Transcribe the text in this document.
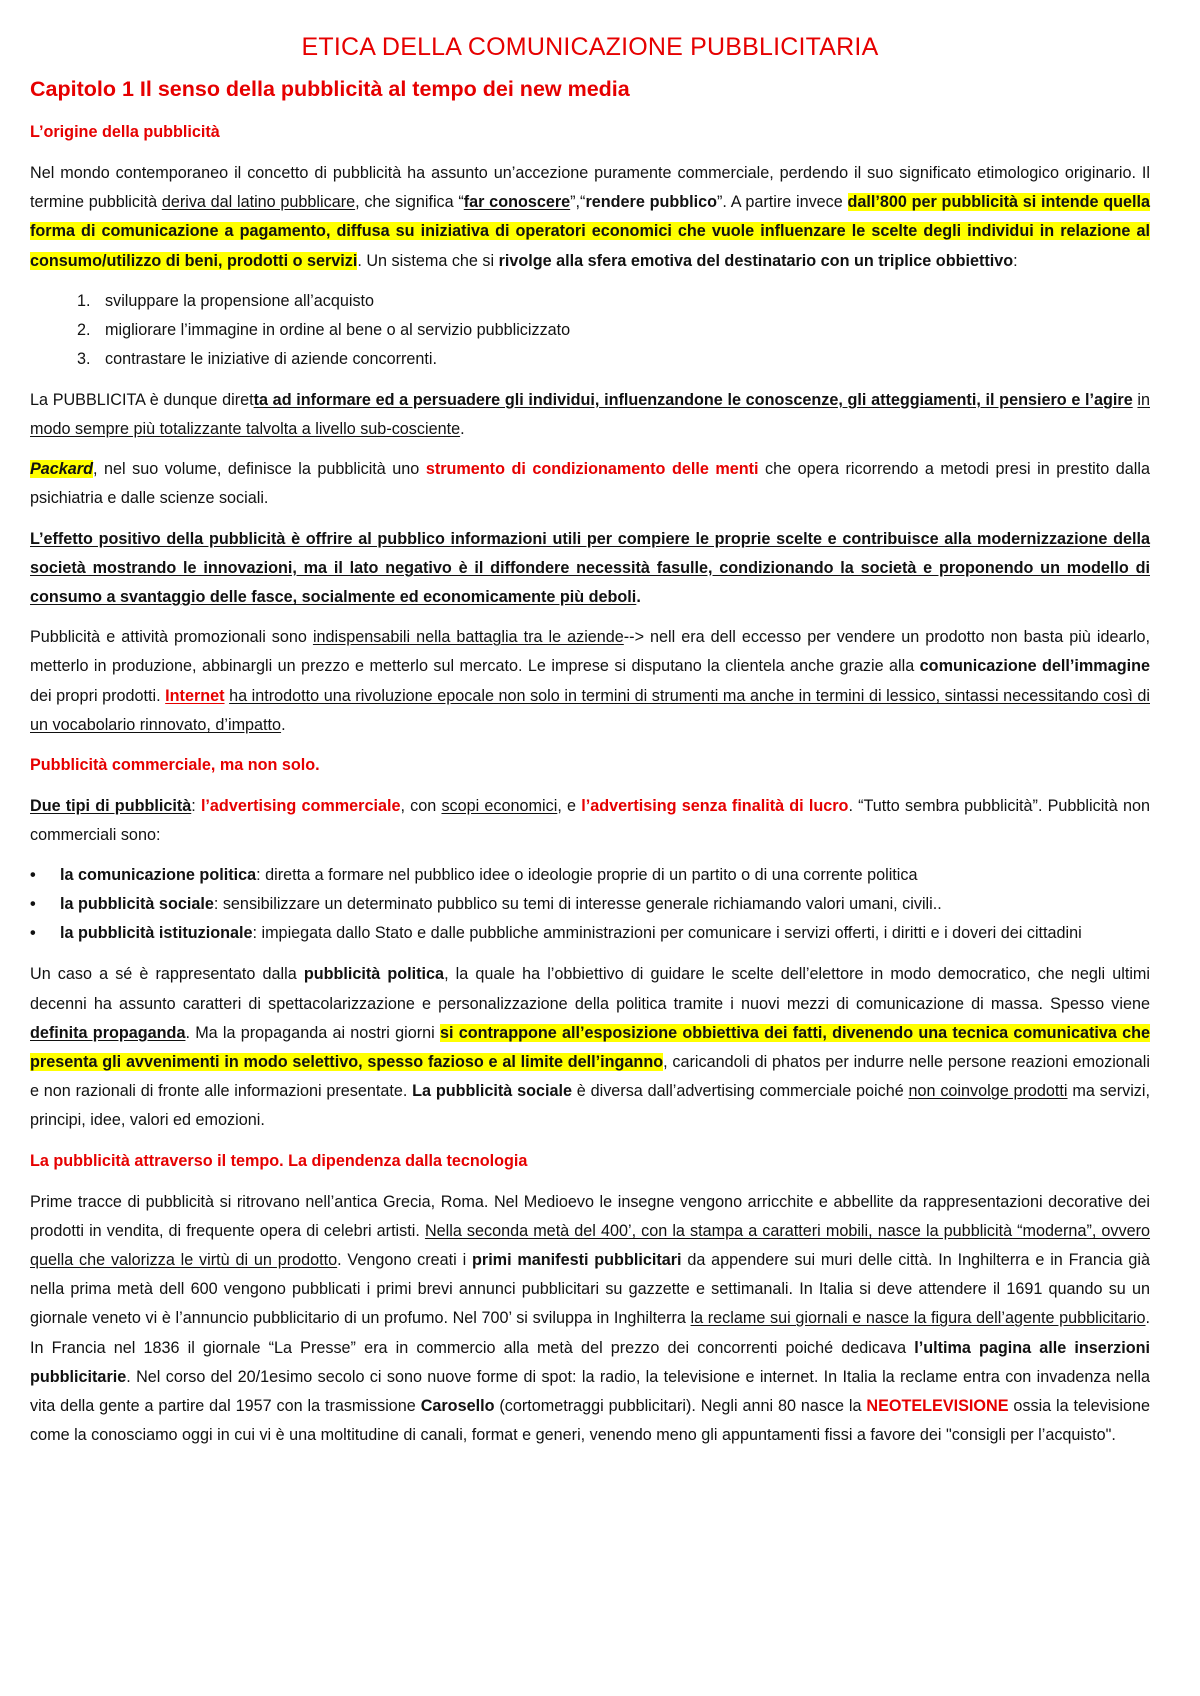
ETICA DELLA COMUNICAZIONE PUBBLICITARIA
Capitolo 1 Il senso della pubblicità al tempo dei new media
L’origine della pubblicità

Nel mondo contemporaneo il concetto di pubblicità ha assunto un’accezione puramente commerciale, perdendo il suo significato etimologico originario. Il termine pubblicità deriva dal latino pubblicare, che significa “far conoscere”,“rendere pubblico”. A partire invece dall’800 per pubblicità si intende quella forma di comunicazione a pagamento, diffusa su iniziativa di operatori economici che vuole influenzare le scelte degli individui in relazione al consumo/utilizzo di beni, prodotti o servizi. Un sistema che si rivolge alla sfera emotiva del destinatario con un triplice obbiettivo:

1. sviluppare la propensione all’acquisto
2. migliorare l’immagine in ordine al bene o al servizio pubblicizzato
3. contrastare le iniziative di aziende concorrenti.

La PUBBLICITA è dunque diretta ad informare ed a persuadere gli individui, influenzandone le conoscenze, gli atteggiamenti, il pensiero e l’agire in modo sempre più totalizzante talvolta a livello sub-cosciente.

Packard, nel suo volume, definisce la pubblicità uno strumento di condizionamento delle menti che opera ricorrendo a metodi presi in prestito dalla psichiatria e dalle scienze sociali.

L’effetto positivo della pubblicità è offrire al pubblico informazioni utili per compiere le proprie scelte e contribuisce alla modernizzazione della società mostrando le innovazioni, ma il lato negativo è il diffondere necessità fasulle, condizionando la società e proponendo un modello di consumo a svantaggio delle fasce, socialmente ed economicamente più deboli.

Pubblicità e attività promozionali sono indispensabili nella battaglia tra le aziende--> nell era dell eccesso per vendere un prodotto non basta più idearlo, metterlo in produzione, abbinargli un prezzo e metterlo sul mercato. Le imprese si disputano la clientela anche grazie alla comunicazione dell’immagine dei propri prodotti. Internet ha introdotto una rivoluzione epocale non solo in termini di strumenti ma anche in termini di lessico, sintassi necessitando così di un vocabolario rinnovato, d’impatto.

Pubblicità commerciale, ma non solo.

Due tipi di pubblicità: l’advertising commerciale, con scopi economici, e l’advertising senza finalità di lucro. “Tutto sembra pubblicità”. Pubblicità non commerciali sono:

• la comunicazione politica: diretta a formare nel pubblico idee o ideologie proprie di un partito o di una corrente politica
• la pubblicità sociale: sensibilizzare un determinato pubblico su temi di interesse generale richiamando valori umani, civili..
• la pubblicità istituzionale: impiegata dallo Stato e dalle pubbliche amministrazioni per comunicare i servizi offerti, i diritti e i doveri dei cittadini

Un caso a sé è rappresentato dalla pubblicità politica, la quale ha l’obbiettivo di guidare le scelte dell’elettore in modo democratico, che negli ultimi decenni ha assunto caratteri di spettacolarizzazione e personalizzazione della politica tramite i nuovi mezzi di comunicazione di massa. Spesso viene definita propaganda. Ma la propaganda ai nostri giorni si contrappone all’esposizione obbiettiva dei fatti, divenendo una tecnica comunicativa che presenta gli avvenimenti in modo selettivo, spesso fazioso e al limite dell’inganno, caricandoli di phatos per indurre nelle persone reazioni emozionali e non razionali di fronte alle informazioni presentate. La pubblicità sociale è diversa dall’advertising commerciale poiché non coinvolge prodotti ma servizi, principi, idee, valori ed emozioni.

La pubblicità attraverso il tempo. La dipendenza dalla tecnologia

Prime tracce di pubblicità si ritrovano nell’antica Grecia, Roma. Nel Medioevo le insegne vengono arricchite e abbellite da rappresentazioni decorative dei prodotti in vendita, di frequente opera di celebri artisti. Nella seconda metà del 400’, con la stampa a caratteri mobili, nasce la pubblicità “moderna”, ovvero quella che valorizza le virtù di un prodotto. Vengono creati i primi manifesti pubblicitari da appendere sui muri delle città. In Inghilterra e in Francia già nella prima metà dell 600 vengono pubblicati i primi brevi annunci pubblicitari su gazzette e settimanali. In Italia si deve attendere il 1691 quando su un giornale veneto vi è l’annuncio pubblicitario di un profumo. Nel 700’ si sviluppa in Inghilterra la reclame sui giornali e nasce la figura dell’agente pubblicitario. In Francia nel 1836 il giornale “La Presse” era in commercio alla metà del prezzo dei concorrenti poiché dedicava l’ultima pagina alle inserzioni pubblicitarie. Nel corso del 20/1esimo secolo ci sono nuove forme di spot: la radio, la televisione e internet. In Italia la reclame entra con invadenza nella vita della gente a partire dal 1957 con la trasmissione Carosello (cortometraggi pubblicitari). Negli anni 80 nasce la NEOTELEVISIONE ossia la televisione come la conosciamo oggi in cui vi è una moltitudine di canali, format e generi, venendo meno gli appuntamenti fissi a favore dei "consigli per l’acquisto".
